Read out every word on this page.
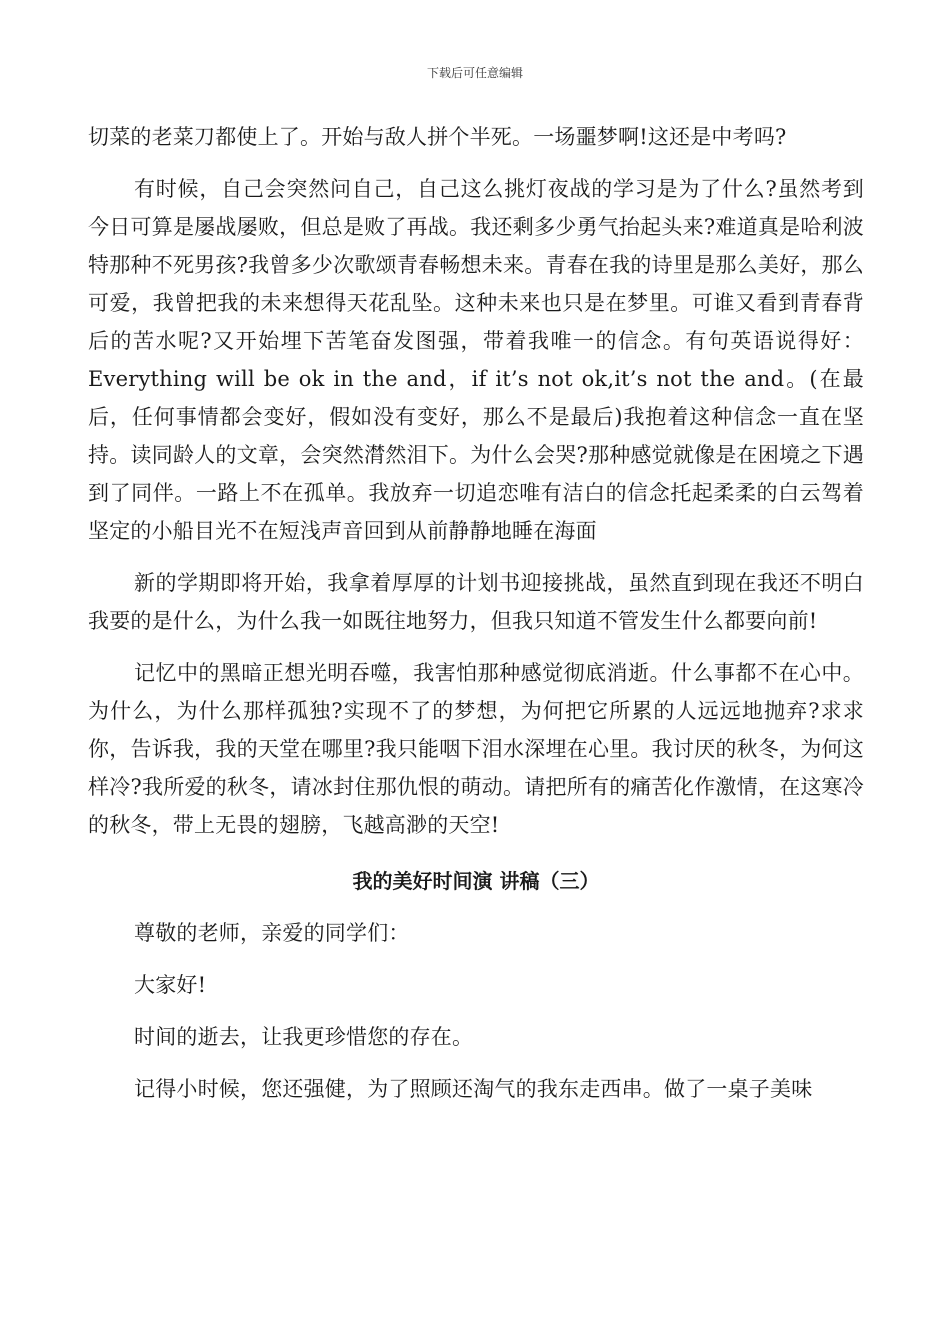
下载后可任意编辑

切菜的老菜刀都使上了。开始与敌人拼个半死。一场噩梦啊!这还是中考吗?

有时候，自己会突然问自己，自己这么挑灯夜战的学习是为了什么?虽然考到今日可算是屡战屡败，但总是败了再战。我还剩多少勇气抬起头来?难道真是哈利波特那种不死男孩?我曾多少次歌颂青春畅想未来。青春在我的诗里是那么美好，那么可爱，我曾把我的未来想得天花乱坠。这种未来也只是在梦里。可谁又看到青春背后的苦水呢?又开始埋下苦笔奋发图强，带着我唯一的信念。有句英语说得好：Everything will be ok in the and，if it’s not ok,it’s not the and。(在最后，任何事情都会变好，假如没有变好，那么不是最后)我抱着这种信念一直在坚持。读同龄人的文章，会突然潸然泪下。为什么会哭?那种感觉就像是在困境之下遇到了同伴。一路上不在孤单。我放弃一切追恋唯有洁白的信念托起柔柔的白云驾着坚定的小船目光不在短浅声音回到从前静静地睡在海面

新的学期即将开始，我拿着厚厚的计划书迎接挑战，虽然直到现在我还不明白我要的是什么，为什么我一如既往地努力，但我只知道不管发生什么都要向前!

记忆中的黑暗正想光明吞噬，我害怕那种感觉彻底消逝。什么事都不在心中。为什么，为什么那样孤独?实现不了的梦想，为何把它所累的人远远地抛弃?求求你，告诉我，我的天堂在哪里?我只能咽下泪水深埋在心里。我讨厌的秋冬，为何这样冷?我所爱的秋冬，请冰封住那仇恨的萌动。请把所有的痛苦化作激情，在这寒冷的秋冬，带上无畏的翅膀，飞越高渺的天空!

我的美好时间演 讲稿（三）

尊敬的老师，亲爱的同学们：

大家好!

时间的逝去，让我更珍惜您的存在。

记得小时候，您还强健，为了照顾还淘气的我东走西串。做了一桌子美味
